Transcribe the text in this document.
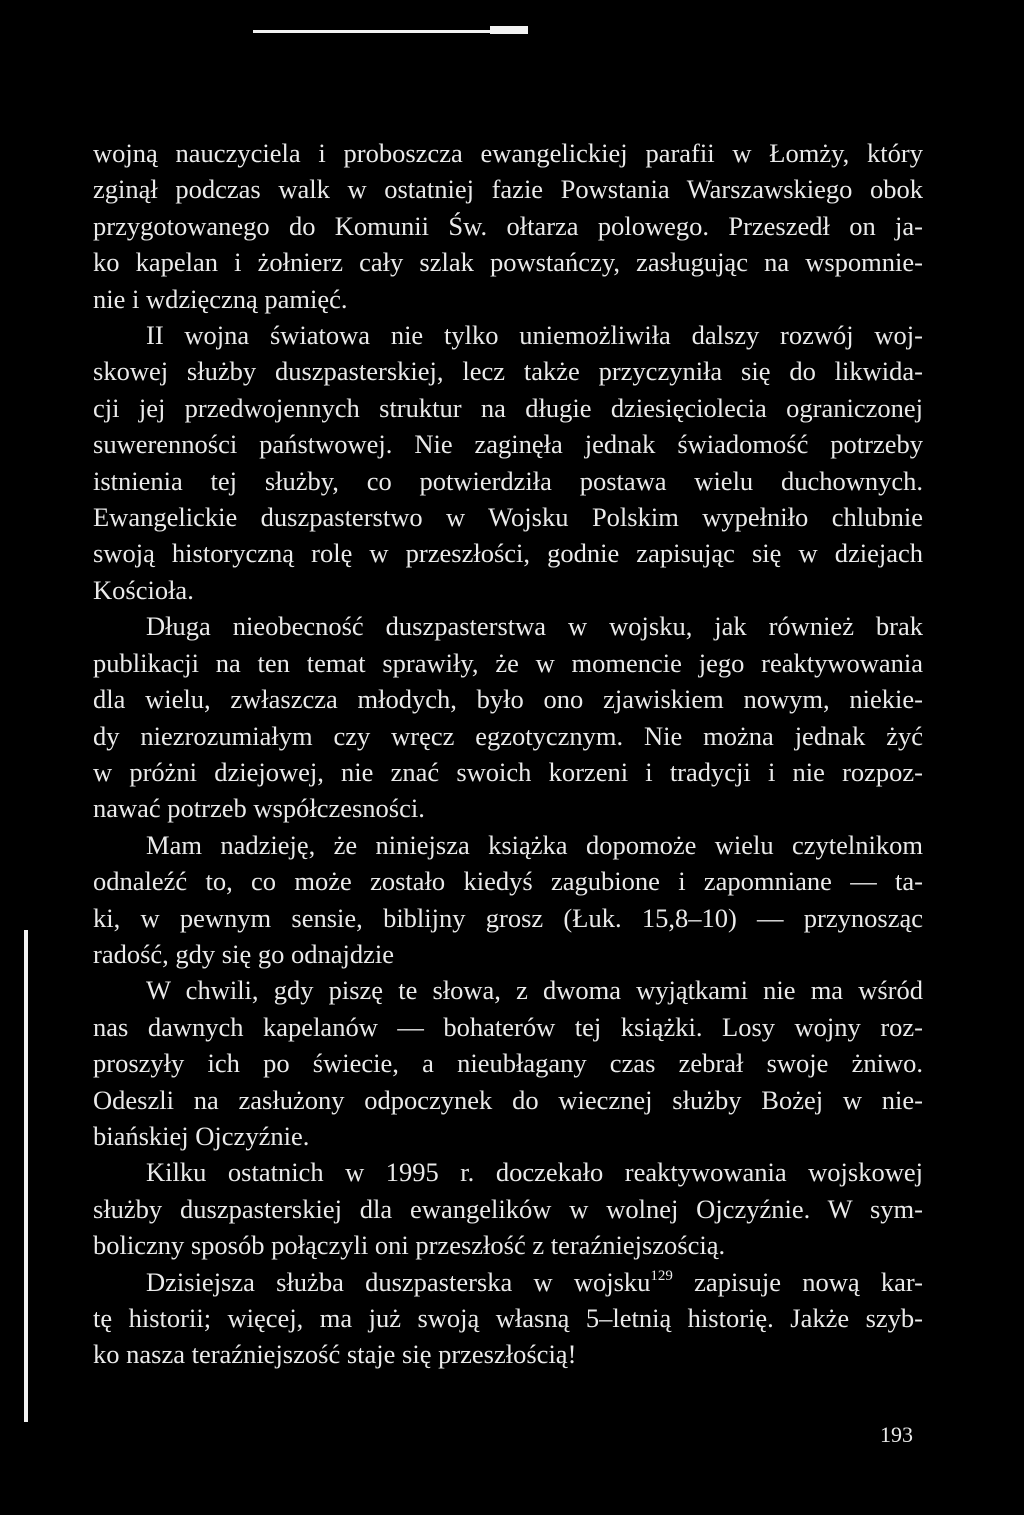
wojną nauczyciela i proboszcza ewangelickiej parafii w Łomży, który
zginął podczas walk w ostatniej fazie Powstania Warszawskiego obok
przygotowanego do Komunii Św. ołtarza polowego. Przeszedł on ja-
ko kapelan i żołnierz cały szlak powstańczy, zasługując na wspomnie-
nie i wdzięczną pamięć.
II wojna światowa nie tylko uniemożliwiła dalszy rozwój woj-
skowej służby duszpasterskiej, lecz także przyczyniła się do likwida-
cji jej przedwojennych struktur na długie dziesięciolecia ograniczonej
suwerenności państwowej. Nie zaginęła jednak świadomość potrzeby
istnienia tej służby, co potwierdziła postawa wielu duchownych.
Ewangelickie duszpasterstwo w Wojsku Polskim wypełniło chlubnie
swoją historyczną rolę w przeszłości, godnie zapisując się w dziejach
Kościoła.
Długa nieobecność duszpasterstwa w wojsku, jak również brak
publikacji na ten temat sprawiły, że w momencie jego reaktywowania
dla wielu, zwłaszcza młodych, było ono zjawiskiem nowym, niekie-
dy niezrozumiałym czy wręcz egzotycznym. Nie można jednak żyć
w próżni dziejowej, nie znać swoich korzeni i tradycji i nie rozpoz-
nawać potrzeb współczesności.
Mam nadzieję, że niniejsza książka dopomoże wielu czytelnikom
odnaleźć to, co może zostało kiedyś zagubione i zapomniane — ta-
ki, w pewnym sensie, biblijny grosz (Łuk. 15,8–10) — przynosząc
radość, gdy się go odnajdzie
W chwili, gdy piszę te słowa, z dwoma wyjątkami nie ma wśród
nas dawnych kapelanów — bohaterów tej książki. Losy wojny roz-
proszyły ich po świecie, a nieubłagany czas zebrał swoje żniwo.
Odeszli na zasłużony odpoczynek do wiecznej służby Bożej w nie-
biańskiej Ojczyźnie.
Kilku ostatnich w 1995 r. doczekało reaktywowania wojskowej
służby duszpasterskiej dla ewangelików w wolnej Ojczyźnie. W sym-
boliczny sposób połączyli oni przeszłość z teraźniejszością.
Dzisiejsza służba duszpasterska w wojsku$^{129}$ zapisuje nową kar-
tę historii; więcej, ma już swoją własną 5–letnią historię. Jakże szyb-
ko nasza teraźniejszość staje się przeszłością!
193
